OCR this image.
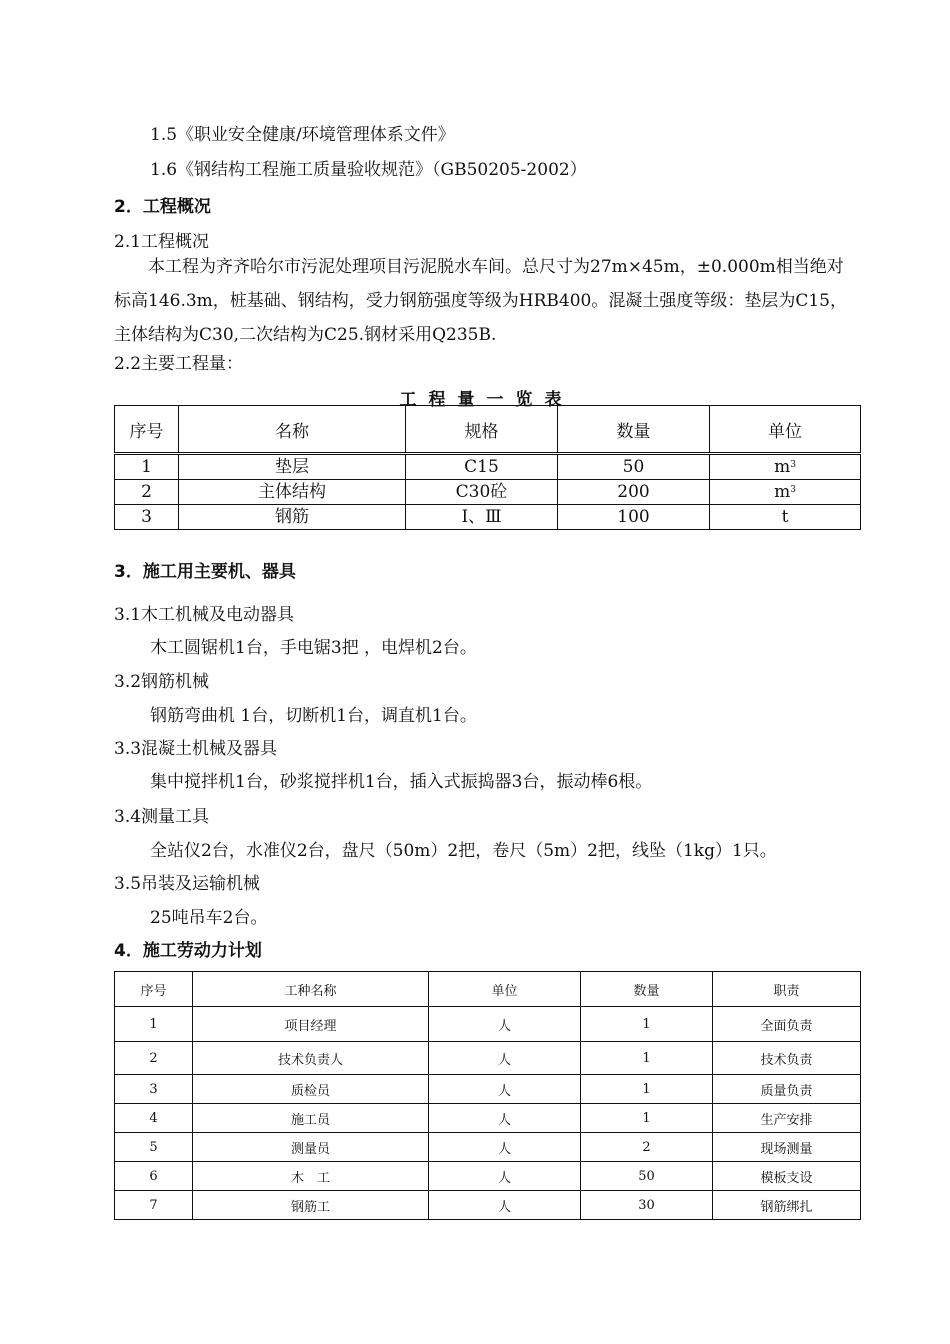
1.5《职业安全健康/环境管理体系文件》
1.6《钢结构工程施工质量验收规范》（GB50205-2002）
2．工程概况
2.1工程概况

本工程为齐齐哈尔市污泥处理项目污泥脱水车间。总尺寸为27m×45m，±0.000m相当绝对标高146.3m，桩基础、钢结构，受力钢筋强度等级为HRB400。混凝土强度等级：垫层为C15，主体结构为C30,二次结构为C25.钢材采用Q235B.

2.2主要工程量：
工程量一览表
序号	名称	规格	数量	单位
1	垫层	C15	50	$m^3$
2	主体结构	C30砼	200	$m^3$
3	钢筋	Ⅰ、Ⅲ	100	t
3．施工用主要机、器具
3.1木工机械及电动器具
木工圆锯机1台，手电锯3把 ，电焊机2台。
3.2钢筋机械
钢筋弯曲机 1台，切断机1台，调直机1台。
3.3混凝土机械及器具
集中搅拌机1台，砂浆搅拌机1台，插入式振捣器3台，振动棒6根。
3.4测量工具
全站仪2台，水准仪2台，盘尺（50m）2把，卷尺（5m）2把，线坠（1kg）1只。
3.5吊装及运输机械
25吨吊车2台。
4．施工劳动力计划
序号	工种名称	单位	数量	职责
1	项目经理	人	1	全面负责
2	技术负责人	人	1	技术负责
3	质检员	人	1	质量负责
4	施工员	人	1	生产安排
5	测量员	人	2	现场测量
6	木　工	人	50	模板支设
7	钢筋工	人	30	钢筋绑扎
